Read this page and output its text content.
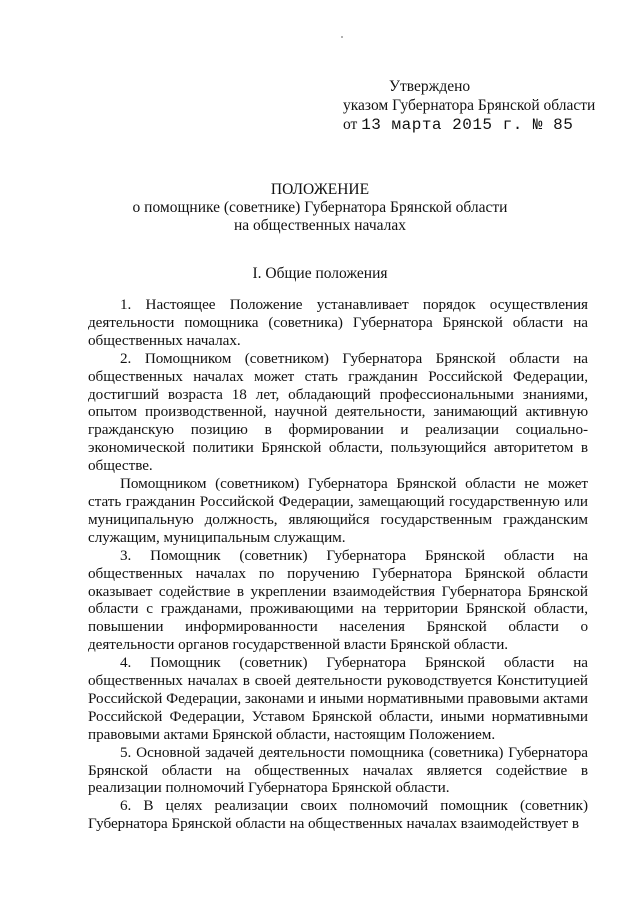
Утверждено
указом Губернатора Брянской области
от 13 марта 2015 г. № 85
ПОЛОЖЕНИЕ
о помощнике (советнике) Губернатора Брянской области
на общественных началах
I. Общие положения

1. Настоящее Положение устанавливает порядок осуществления деятельности помощника (советника) Губернатора Брянской области на общественных началах.

2. Помощником (советником) Губернатора Брянской области на общественных началах может стать гражданин Российской Федерации, достигший возраста 18 лет, обладающий профессиональными знаниями, опытом производственной, научной деятельности, занимающий активную гражданскую позицию в формировании и реализации социально-экономической политики Брянской области, пользующийся авторитетом в обществе.

Помощником (советником) Губернатора Брянской области не может стать гражданин Российской Федерации, замещающий государственную или муниципальную должность, являющийся государственным гражданским служащим, муниципальным служащим.

3. Помощник (советник) Губернатора Брянской области на общественных началах по поручению Губернатора Брянской области оказывает содействие в укреплении взаимодействия Губернатора Брянской области с гражданами, проживающими на территории Брянской области, повышении информированности населения Брянской области о деятельности органов государственной власти Брянской области.

4. Помощник (советник) Губернатора Брянской области на общественных началах в своей деятельности руководствуется Конституцией Российской Федерации, законами и иными нормативными правовыми актами Российской Федерации, Уставом Брянской области, иными нормативными правовыми актами Брянской области, настоящим Положением.

5. Основной задачей деятельности помощника (советника) Губернатора Брянской области на общественных началах является содействие в реализации полномочий Губернатора Брянской области.

6. В целях реализации своих полномочий помощник (советник) Губернатора Брянской области на общественных началах взаимодействует в
